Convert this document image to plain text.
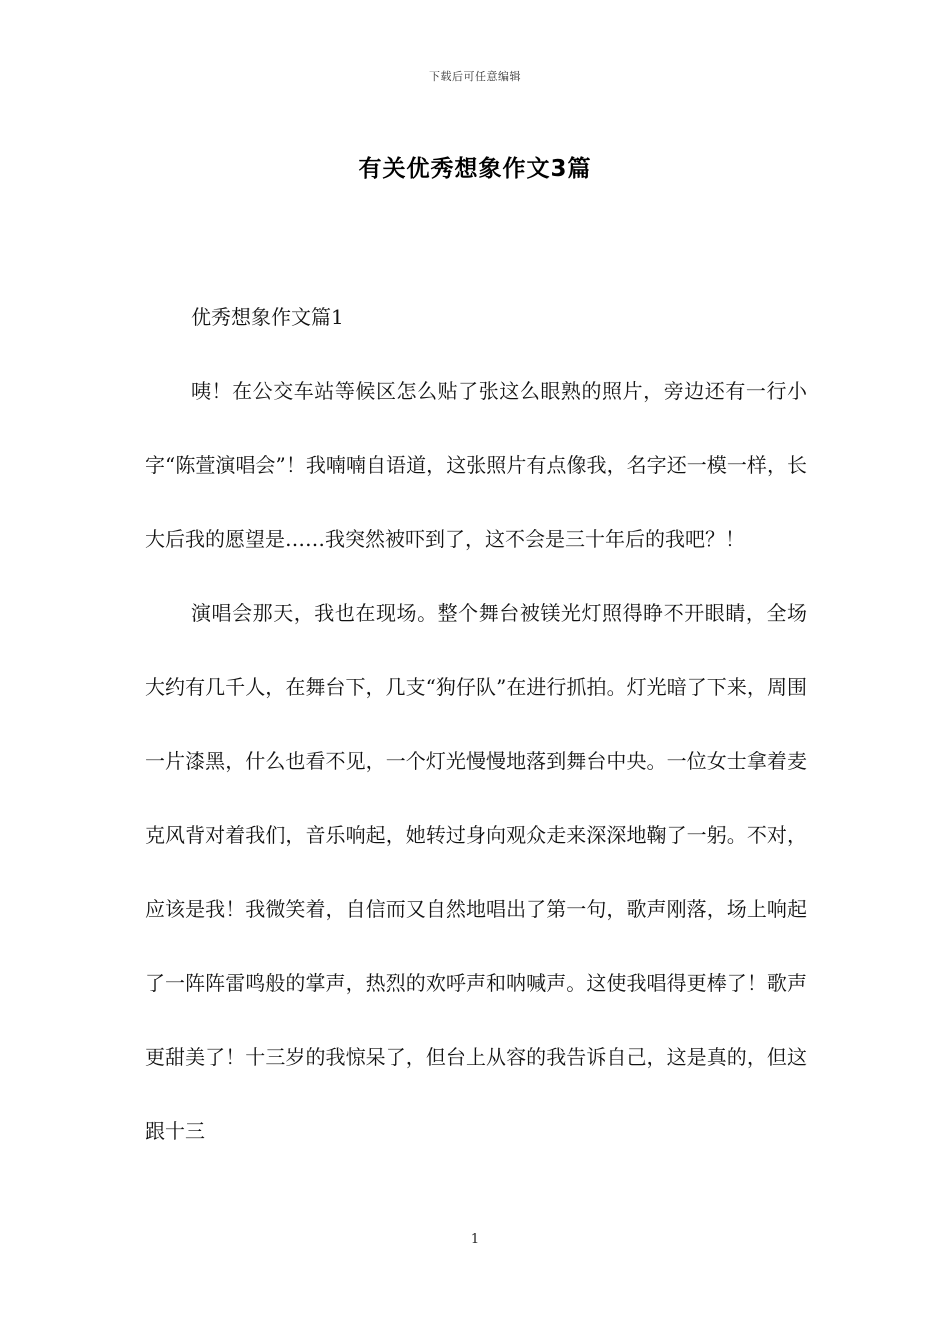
下载后可任意编辑
有关优秀想象作文3篇

优秀想象作文篇1

咦！在公交车站等候区怎么贴了张这么眼熟的照片，旁边还有一行小字“陈萱演唱会”！我喃喃自语道，这张照片有点像我，名字还一模一样，长大后我的愿望是……我突然被吓到了，这不会是三十年后的我吧？！

演唱会那天，我也在现场。整个舞台被镁光灯照得睁不开眼睛，全场大约有几千人，在舞台下，几支“狗仔队”在进行抓拍。灯光暗了下来，周围一片漆黑，什么也看不见，一个灯光慢慢地落到舞台中央。一位女士拿着麦克风背对着我们，音乐响起，她转过身向观众走来深深地鞠了一躬。不对，应该是我！我微笑着，自信而又自然地唱出了第一句，歌声刚落，场上响起了一阵阵雷鸣般的掌声，热烈的欢呼声和呐喊声。这使我唱得更棒了！歌声更甜美了！十三岁的我惊呆了，但台上从容的我告诉自己，这是真的，但这跟十三

1
